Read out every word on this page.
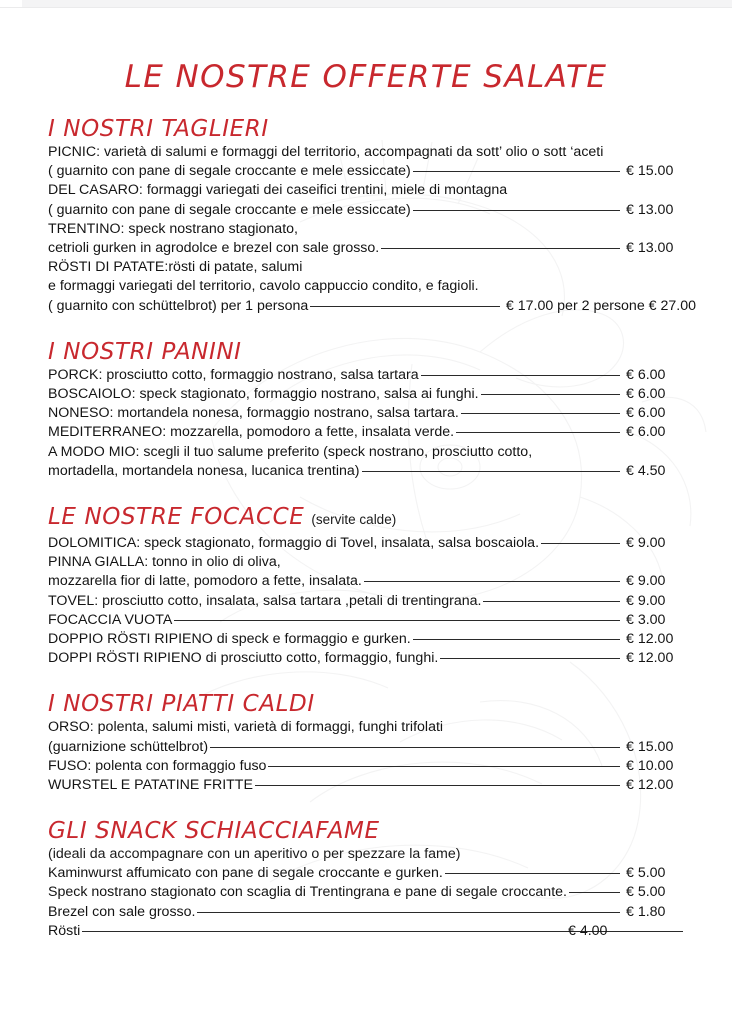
LE NOSTRE OFFERTE SALATE
I NOSTRI TAGLIERI
PICNIC: varietà di salumi e formaggi del territorio, accompagnati da sott’ olio o sott ‘aceti
( guarnito con pane di segale croccante e mele essiccate)	€ 15.00
DEL CASARO: formaggi variegati dei caseifici trentini, miele di montagna
( guarnito con pane di segale croccante e mele essiccate)	€ 13.00
TRENTINO: speck nostrano stagionato,
cetrioli gurken in agrodolce e brezel con sale grosso.	€ 13.00
RÖSTI DI PATATE:rösti di patate, salumi
e formaggi variegati del territorio, cavolo cappuccio condito, e fagioli.
( guarnito con schüttelbrot) per 1 persona	€ 17.00 per 2 persone € 27.00
I NOSTRI PANINI
PORCK: prosciutto cotto, formaggio nostrano, salsa tartara	€ 6.00
BOSCAIOLO: speck stagionato, formaggio nostrano, salsa ai funghi.	€ 6.00
NONESO: mortandela nonesa, formaggio nostrano, salsa tartara.	€ 6.00
MEDITERRANEO: mozzarella, pomodoro a fette, insalata verde.	€ 6.00
A MODO MIO: scegli il tuo salume preferito (speck nostrano, prosciutto cotto,
mortadella, mortandela nonesa, lucanica trentina)	€ 4.50
LE NOSTRE FOCACCE (servite calde)
DOLOMITICA: speck stagionato, formaggio di Tovel, insalata, salsa boscaiola.	€ 9.00
PINNA GIALLA: tonno in olio di oliva,
mozzarella fior di latte, pomodoro a fette, insalata.	€ 9.00
TOVEL: prosciutto cotto, insalata, salsa tartara ,petali di trentingrana.	€ 9.00
FOCACCIA VUOTA	€ 3.00
DOPPIO RÖSTI RIPIENO di speck e formaggio e gurken.	€ 12.00
DOPPI RÖSTI RIPIENO di prosciutto cotto, formaggio, funghi.	€ 12.00
I NOSTRI PIATTI CALDI
ORSO: polenta, salumi misti, varietà di formaggi, funghi trifolati
(guarnizione schüttelbrot)	€ 15.00
FUSO: polenta con formaggio fuso	€ 10.00
WURSTEL E PATATINE FRITTE	€ 12.00
GLI SNACK SCHIACCIAFAME
(ideali da accompagnare con un aperitivo o per spezzare la fame)
Kaminwurst affumicato con pane di segale croccante e gurken.	€ 5.00
Speck nostrano stagionato con scaglia di Trentingrana e pane di segale croccante.	€ 5.00
Brezel con sale grosso.	€ 1.80
Rösti	€ 4.00
